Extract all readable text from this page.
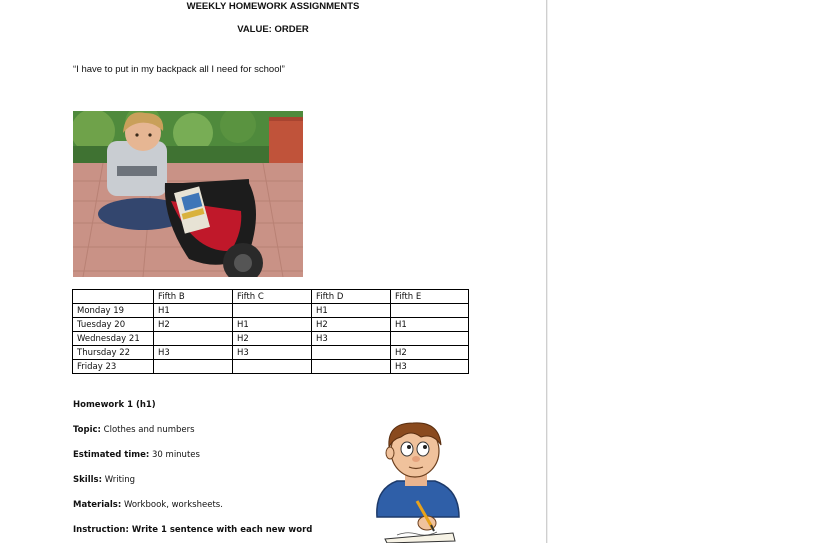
WEEKLY HOMEWORK ASSIGNMENTS
VALUE: ORDER
“I have to put in my backpack all I need for school”
	Fifth B	Fifth C	Fifth D	Fifth E
Monday 19	H1		H1	
Tuesday 20	H2	H1	H2	H1
Wednesday 21		H2	H3	
Thursday 22	H3	H3		H2
Friday 23				H3
Homework 1 (h1)
Topic: Clothes and numbers
Estimated time: 30 minutes
Skills: Writing
Materials: Workbook, worksheets.
Instruction: Write 1 sentence with each new word
